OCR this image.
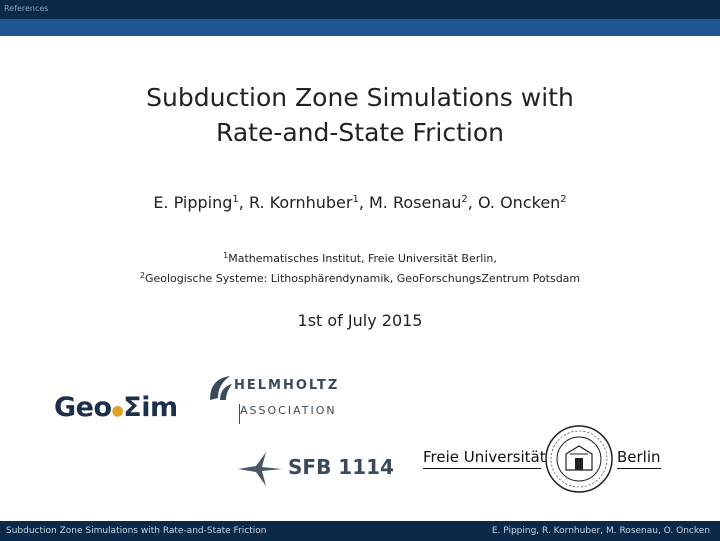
References
Subduction Zone Simulations with
Rate-and-State Friction
E. Pipping$^1$, R. Kornhuber$^1$, M. Rosenau$^2$, O. Oncken$^2$
$^1$Mathematisches Institut, Freie Universität Berlin,
$^2$Geologische Systeme: Lithosphärendynamik, GeoForschungsZentrum Potsdam
1st of July 2015
Geo●Σim
HELMHOLTZ
ASSOCIATION
SFB 1114 Freie Universität	Berlin
Subduction Zone Simulations with Rate-and-State Friction	E. Pipping, R. Kornhuber, M. Rosenau, O. Oncken
